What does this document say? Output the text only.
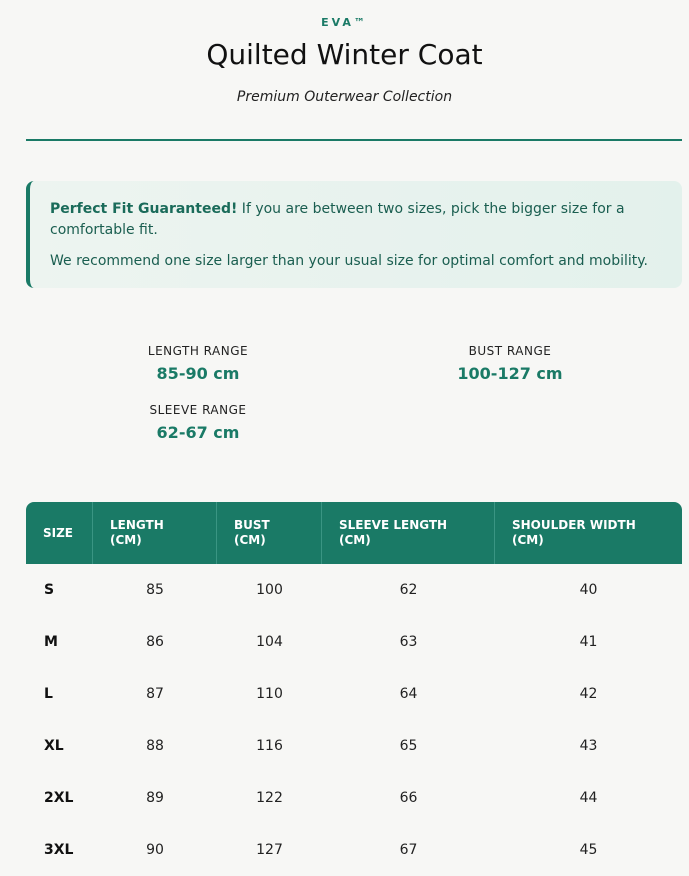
EVA™
Quilted Winter Coat
Premium Outerwear Collection

Perfect Fit Guaranteed! If you are between two sizes, pick the bigger size for a comfortable fit.

We recommend one size larger than your usual size for optimal comfort and mobility.

LENGTH RANGE
85-90 cm
BUST RANGE
100-127 cm
SLEEVE RANGE
62-67 cm
SIZE	LENGTH (CM)	BUST (CM)	SLEEVE LENGTH (CM)	SHOULDER WIDTH (CM)
S	85	100	62	40
M	86	104	63	41
L	87	110	64	42
XL	88	116	65	43
2XL	89	122	66	44
3XL	90	127	67	45
